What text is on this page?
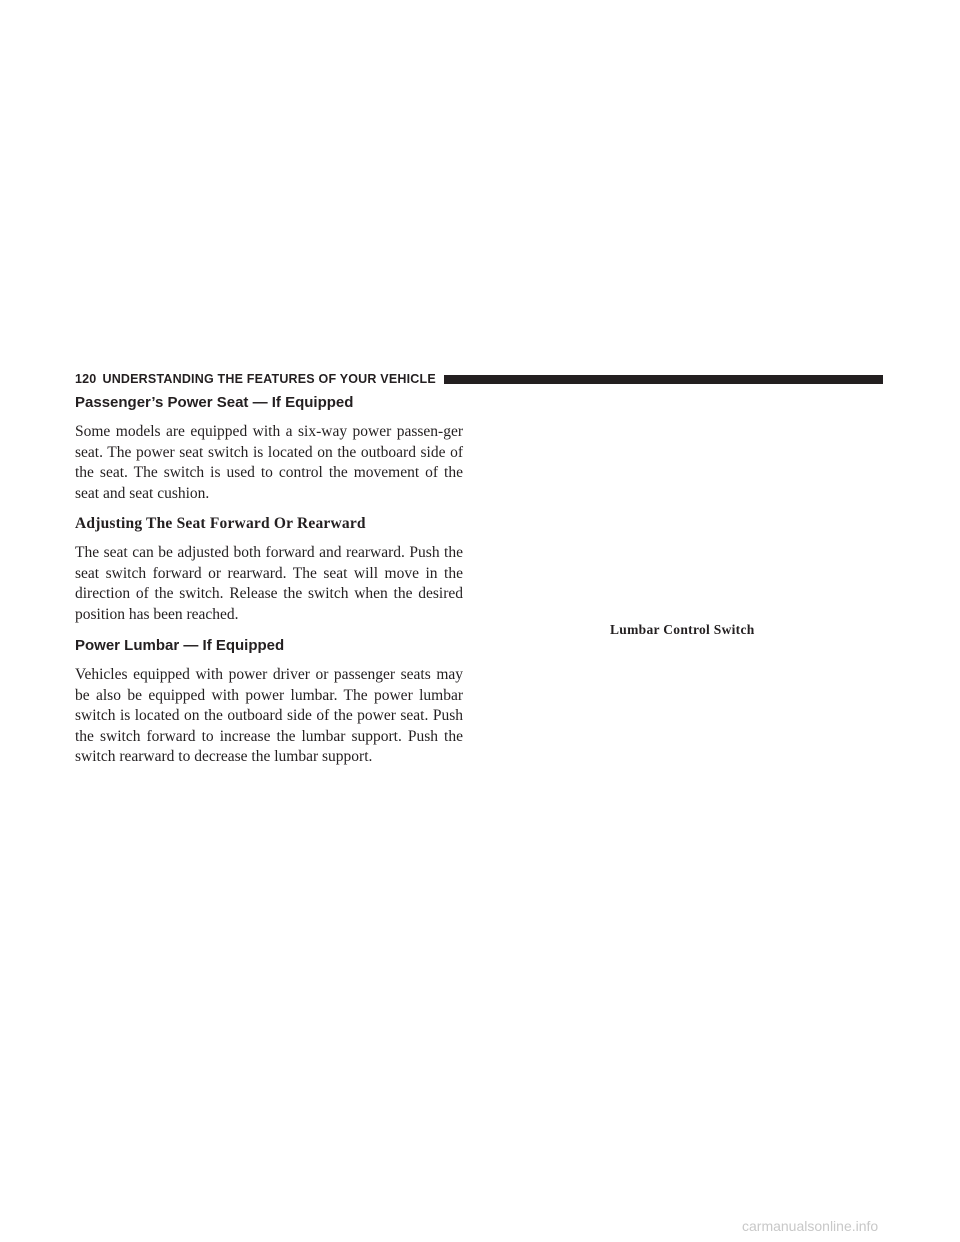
120 UNDERSTANDING THE FEATURES OF YOUR VEHICLE
Passenger’s Power Seat — If Equipped

Some models are equipped with a six-way power passen-ger seat. The power seat switch is located on the outboard side of the seat. The switch is used to control the movement of the seat and seat cushion.

Adjusting The Seat Forward Or Rearward

The seat can be adjusted both forward and rearward. Push the seat switch forward or rearward. The seat will move in the direction of the switch. Release the switch when the desired position has been reached.

Power Lumbar — If Equipped

Vehicles equipped with power driver or passenger seats may be also be equipped with power lumbar. The power lumbar switch is located on the outboard side of the power seat. Push the switch forward to increase the lumbar support. Push the switch rearward to decrease the lumbar support.

Lumbar Control Switch
carmanualsonline.info
